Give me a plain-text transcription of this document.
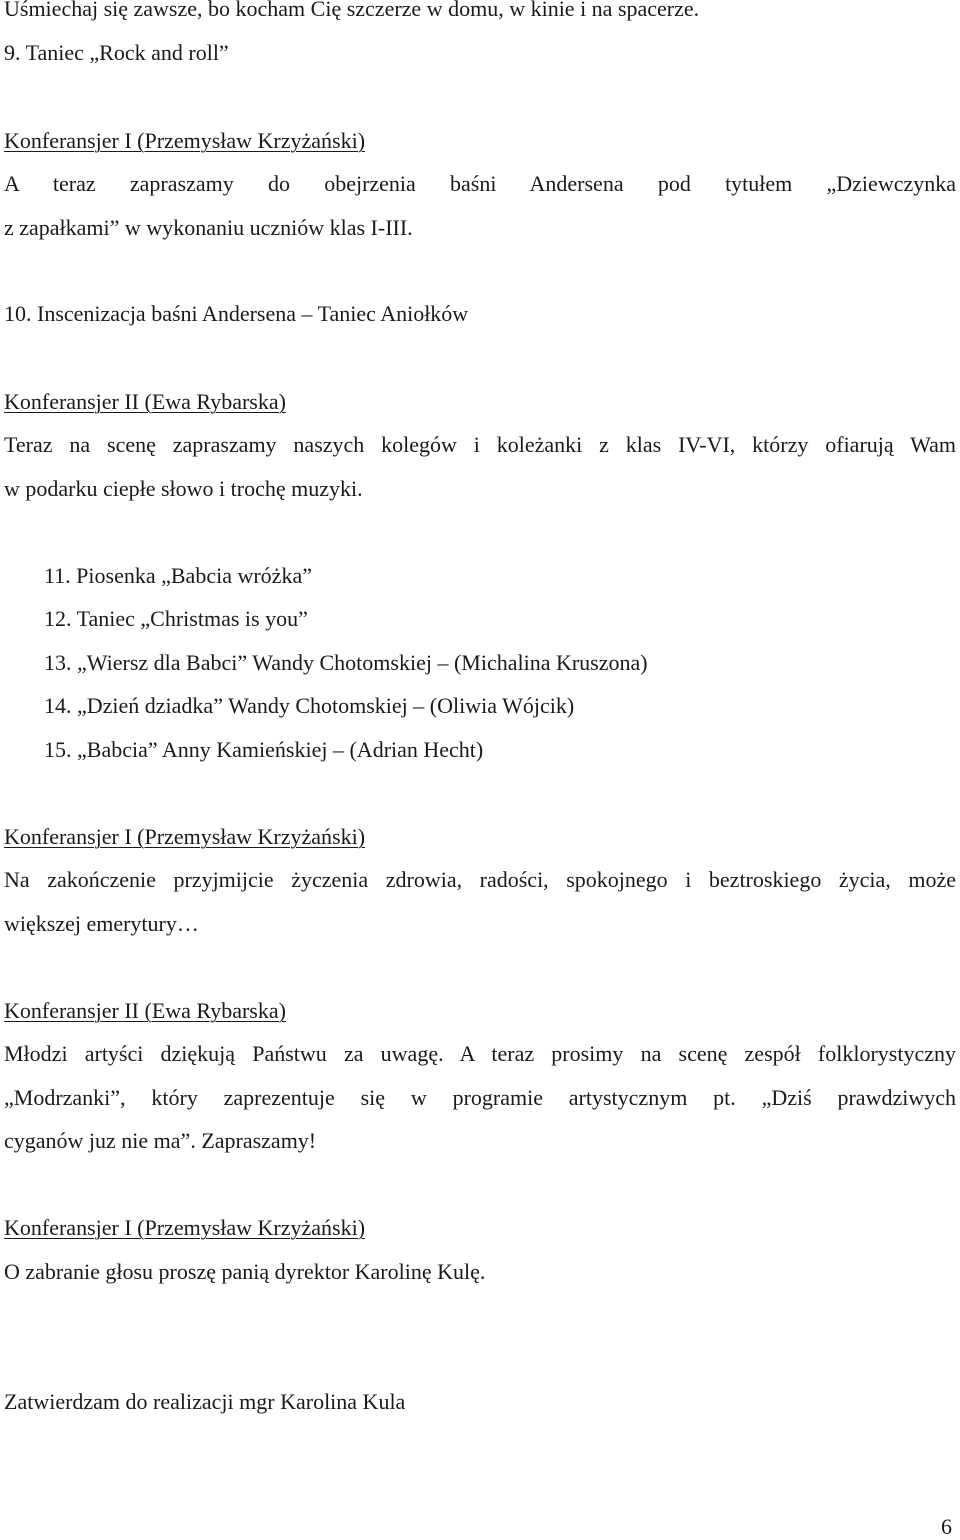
Uśmiechaj się zawsze, bo kocham Cię szczerze w domu, w kinie i na spacerze.
9. Taniec „Rock and roll”
Konferansjer I (Przemysław Krzyżański)
A teraz zapraszamy do obejrzenia baśni Andersena pod tytułem „Dziewczynka
z zapałkami” w wykonaniu uczniów klas I-III.
10. Inscenizacja baśni Andersena – Taniec Aniołków
Konferansjer II (Ewa Rybarska)
Teraz na scenę zapraszamy naszych kolegów i koleżanki z klas IV-VI, którzy ofiarują Wam
w podarku ciepłe słowo i trochę muzyki.
11. Piosenka „Babcia wróżka”
12. Taniec „Christmas is you”
13. „Wiersz dla Babci” Wandy Chotomskiej – (Michalina Kruszona)
14. „Dzień dziadka” Wandy Chotomskiej – (Oliwia Wójcik)
15. „Babcia” Anny Kamieńskiej – (Adrian Hecht)
Konferansjer I (Przemysław Krzyżański)
Na zakończenie przyjmijcie życzenia zdrowia, radości, spokojnego i beztroskiego życia, może
większej emerytury…
Konferansjer II (Ewa Rybarska)
Młodzi artyści dziękują Państwu za uwagę. A teraz prosimy na scenę zespół folklorystyczny
„Modrzanki”, który zaprezentuje się w programie artystycznym pt. „Dziś prawdziwych
cyganów juz nie ma”. Zapraszamy!
Konferansjer I (Przemysław Krzyżański)
O zabranie głosu proszę panią dyrektor Karolinę Kulę.
Zatwierdzam do realizacji mgr Karolina Kula
6
